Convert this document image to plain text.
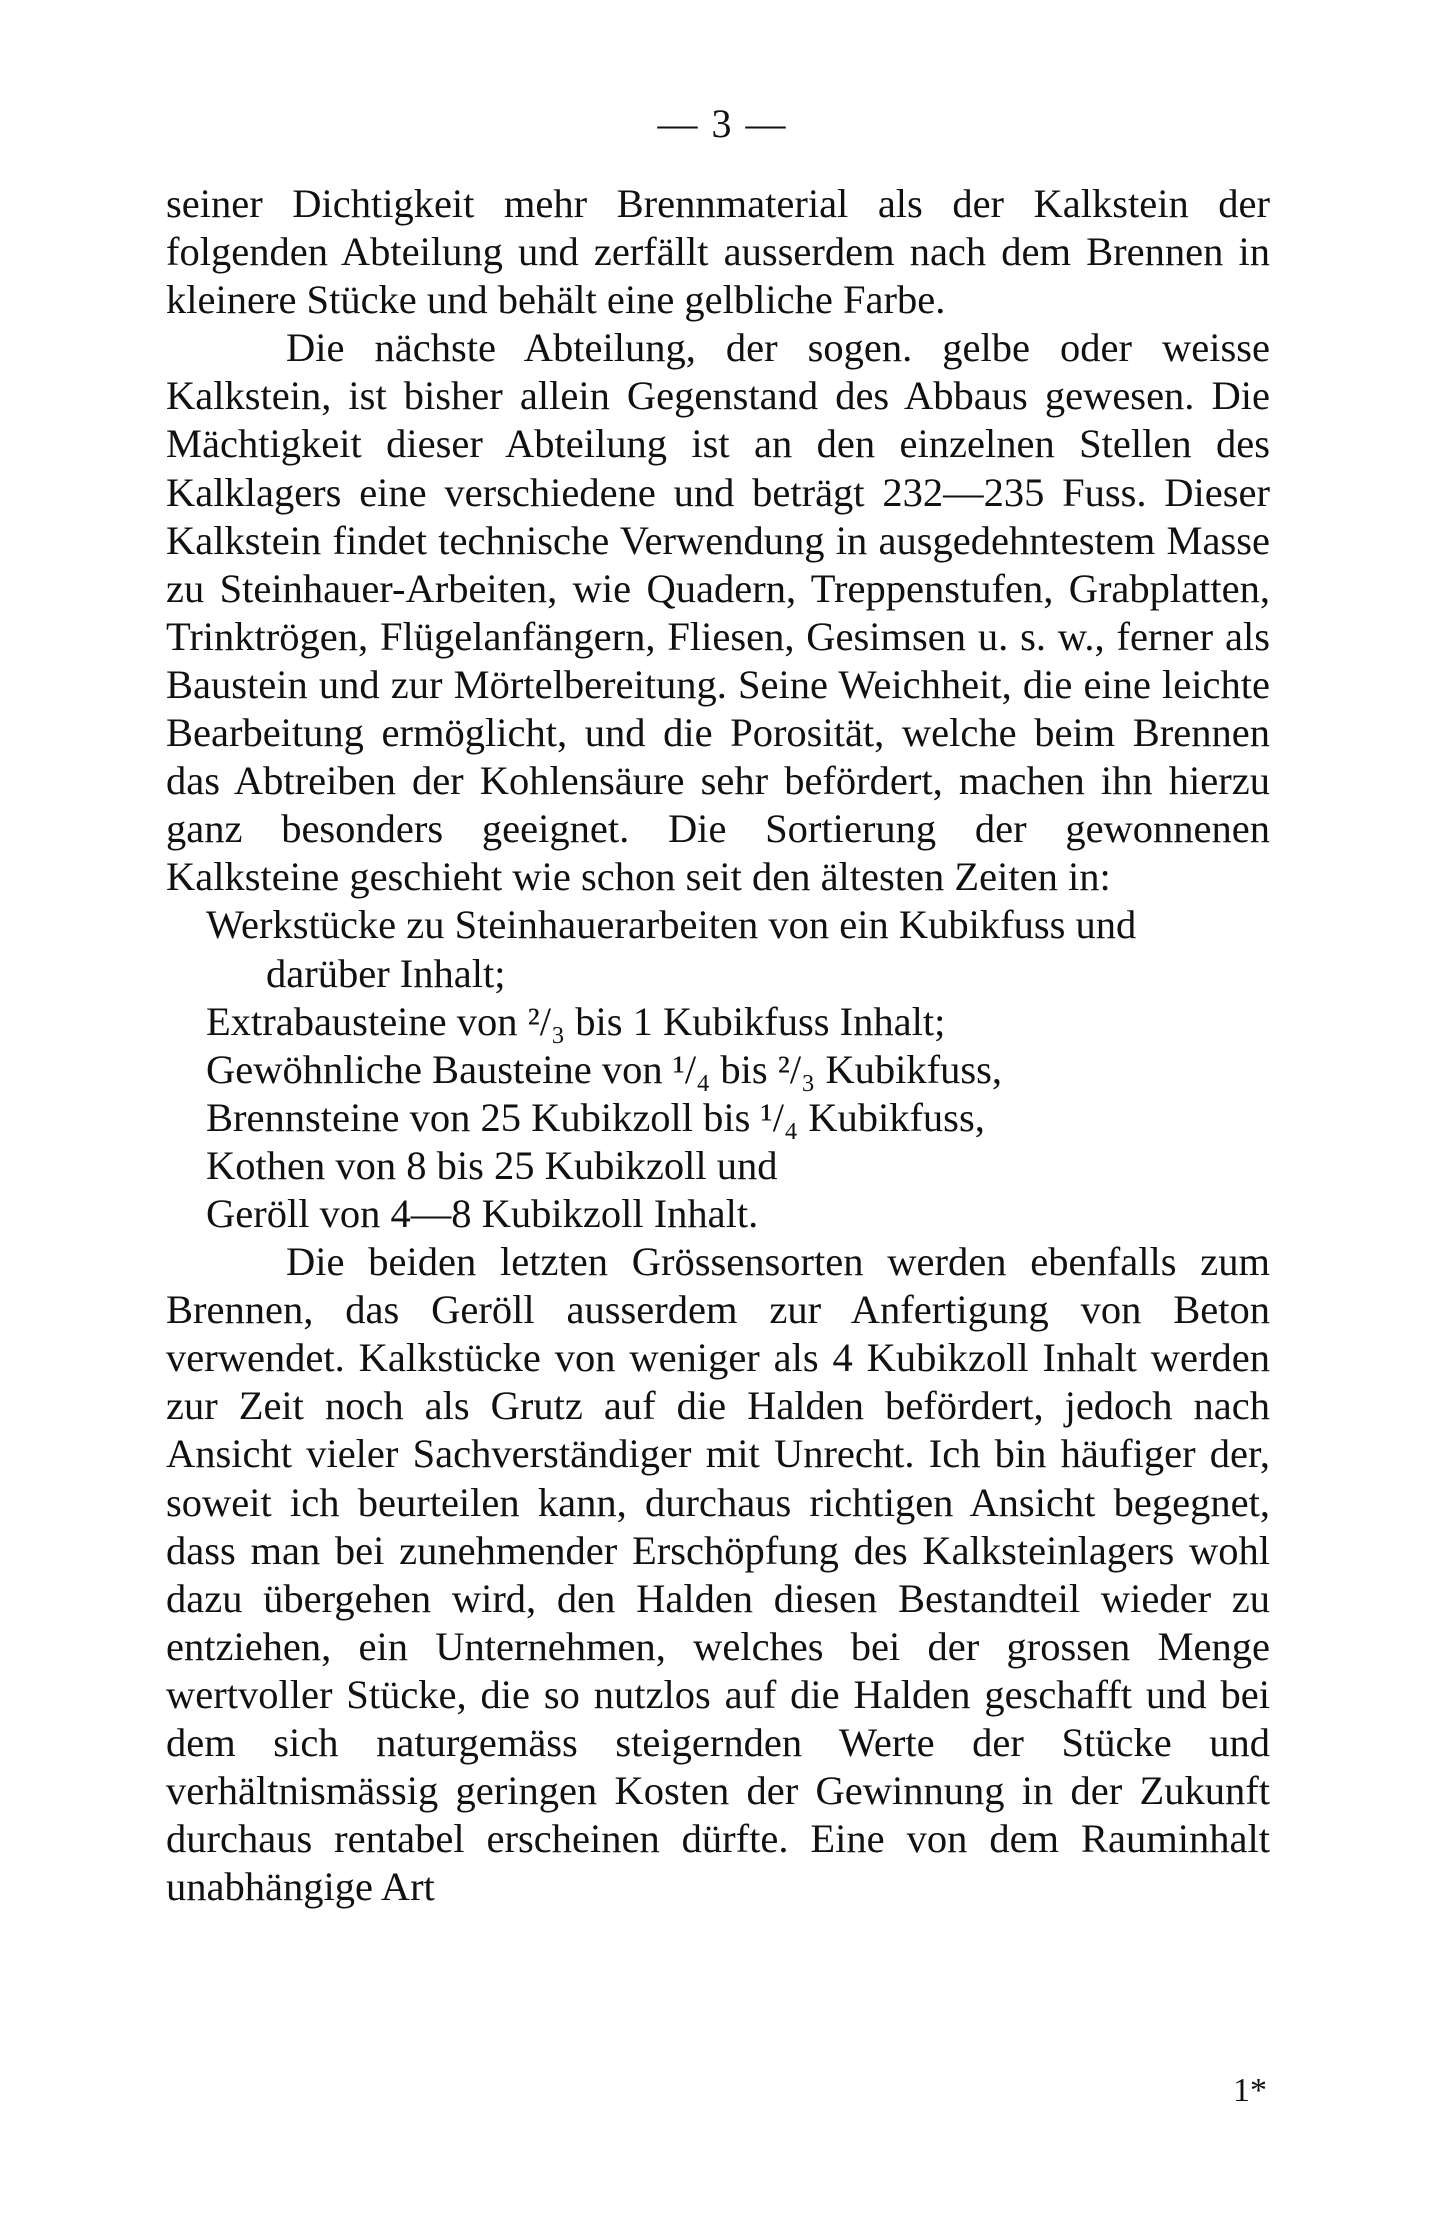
— 3 —

seiner Dichtigkeit mehr Brennmaterial als der Kalkstein der folgenden Abteilung und zerfällt ausserdem nach dem Brennen in kleinere Stücke und behält eine gelbliche Farbe.

Die nächste Abteilung, der sogen. gelbe oder weisse Kalkstein, ist bisher allein Gegenstand des Abbaus gewesen. Die Mächtigkeit dieser Abteilung ist an den einzelnen Stellen des Kalklagers eine verschiedene und beträgt 232—235 Fuss. Dieser Kalkstein findet technische Verwendung in ausgedehntestem Masse zu Steinhauer-Arbeiten, wie Quadern, Treppenstufen, Grabplatten, Trinktrögen, Flügelanfängern, Fliesen, Gesimsen u. s. w., ferner als Baustein und zur Mörtelbereitung. Seine Weichheit, die eine leichte Bearbeitung ermöglicht, und die Porosität, welche beim Brennen das Abtreiben der Kohlensäure sehr befördert, machen ihn hierzu ganz besonders geeignet. Die Sortierung der gewonnenen Kalksteine geschieht wie schon seit den ältesten Zeiten in:

Werkstücke zu Steinhauerarbeiten von ein Kubikfuss und
darüber Inhalt;
Extrabausteine von ²/₃ bis 1 Kubikfuss Inhalt;
Gewöhnliche Bausteine von ¹/₄ bis ²/₃ Kubikfuss,
Brennsteine von 25 Kubikzoll bis ¹/₄ Kubikfuss,
Kothen von 8 bis 25 Kubikzoll und
Geröll von 4—8 Kubikzoll Inhalt.

Die beiden letzten Grössensorten werden ebenfalls zum Brennen, das Geröll ausserdem zur Anfertigung von Beton verwendet. Kalkstücke von weniger als 4 Kubikzoll Inhalt werden zur Zeit noch als Grutz auf die Halden befördert, jedoch nach Ansicht vieler Sachverständiger mit Unrecht. Ich bin häufiger der, soweit ich beurteilen kann, durchaus richtigen Ansicht begegnet, dass man bei zunehmender Erschöpfung des Kalksteinlagers wohl dazu übergehen wird, den Halden diesen Bestandteil wieder zu entziehen, ein Unternehmen, welches bei der grossen Menge wertvoller Stücke, die so nutzlos auf die Halden geschafft und bei dem sich naturgemäss steigernden Werte der Stücke und verhältnismässig geringen Kosten der Gewinnung in der Zukunft durchaus rentabel erscheinen dürfte. Eine von dem Rauminhalt unabhängige Art

1*
